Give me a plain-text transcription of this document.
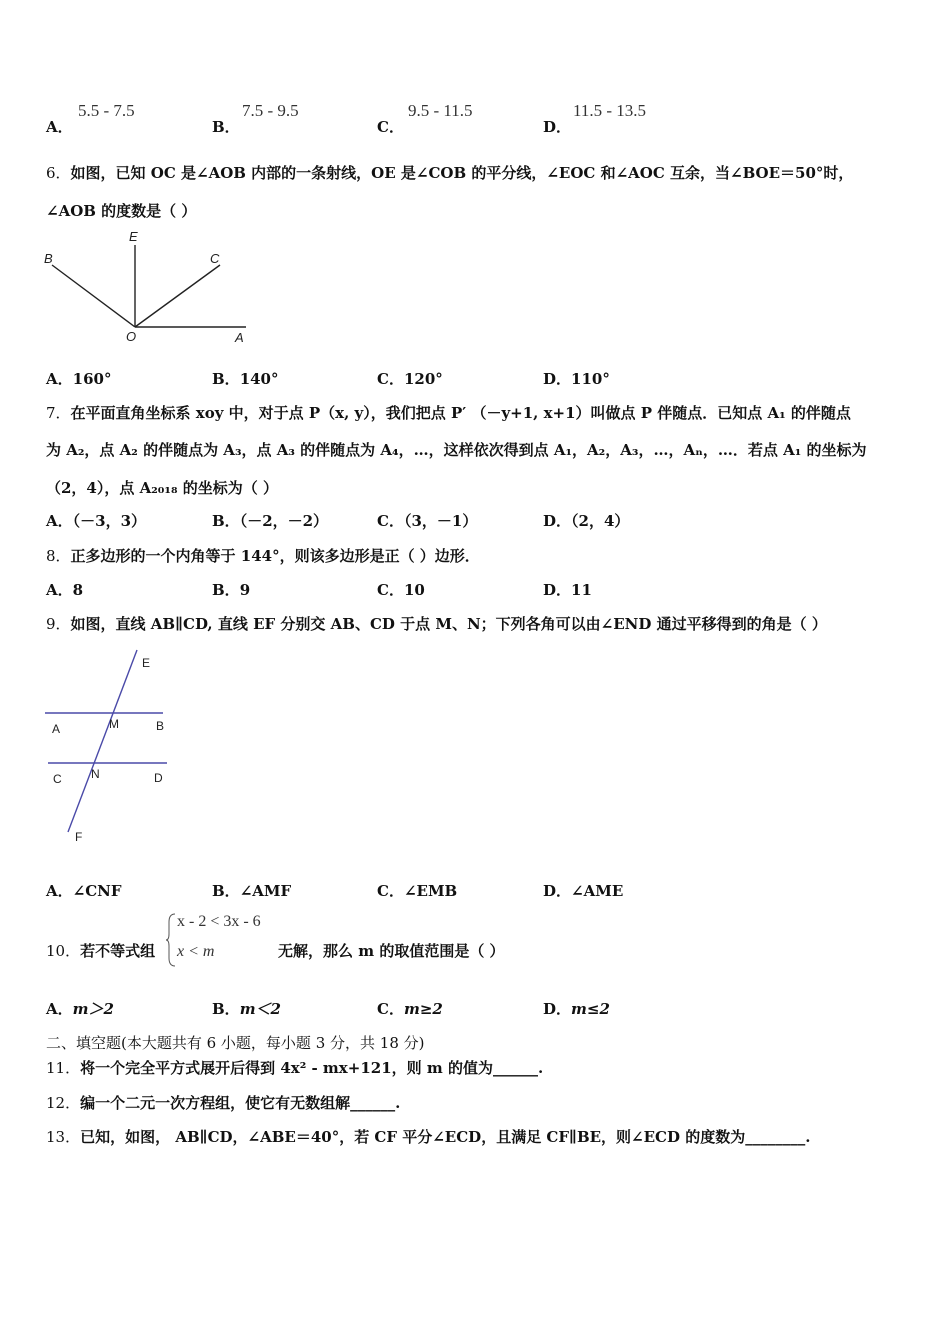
A．
5.5 - 7.5
B．
7.5 - 9.5
C．
9.5 - 11.5
D．
11.5 - 13.5
6．如图，已知 OC 是∠AOB 内部的一条射线，OE 是∠COB 的平分线，∠EOC 和∠AOC 互余，当∠BOE＝50°时，
∠AOB 的度数是（ ）
B
E
C
O	A
A．160°	B．140°	C．120°	D．110°
7．在平面直角坐标系 xoy 中，对于点 P（x, y），我们把点 P′ （－y+1, x+1）叫做点 P 伴随点．已知点 A₁ 的伴随点
为 A₂，点 A₂ 的伴随点为 A₃，点 A₃ 的伴随点为 A₄，…，这样依次得到点 A₁，A₂，A₃，…，Aₙ，…．若点 A₁ 的坐标为
（2，4），点 A₂₀₁₈ 的坐标为（ ）
A．（－3，3）	B．（－2，－2）	C．（3，－1）	D．（2，4）
8．正多边形的一个内角等于 144°，则该多边形是正（ ）边形．
A．8	B．9	C．10	D．11
9．如图，直线 AB∥CD, 直线 EF 分别交 AB、CD 于点 M、N；下列各角可以由∠END 通过平移得到的角是（ ）
E
A	M	B
C N	D
F
A．∠CNF	B．∠AMF	C．∠EMB	D．∠AME
10．若不等式组
x - 2 < 3x - 6
x < m	无解，那么 m 的取值范围是（ ）
A．m＞2	B．m＜2	C．m≥2	D．m≤2
二、填空题(本大题共有 6 小题，每小题 3 分，共 18 分)
11．将一个完全平方式展开后得到 4x² - mx+121，则 m 的值为______.
12．编一个二元一次方程组，使它有无数组解______.
13．已知，如图， AB∥CD，∠ABE＝40°，若 CF 平分∠ECD，且满足 CF∥BE，则∠ECD 的度数为________.
